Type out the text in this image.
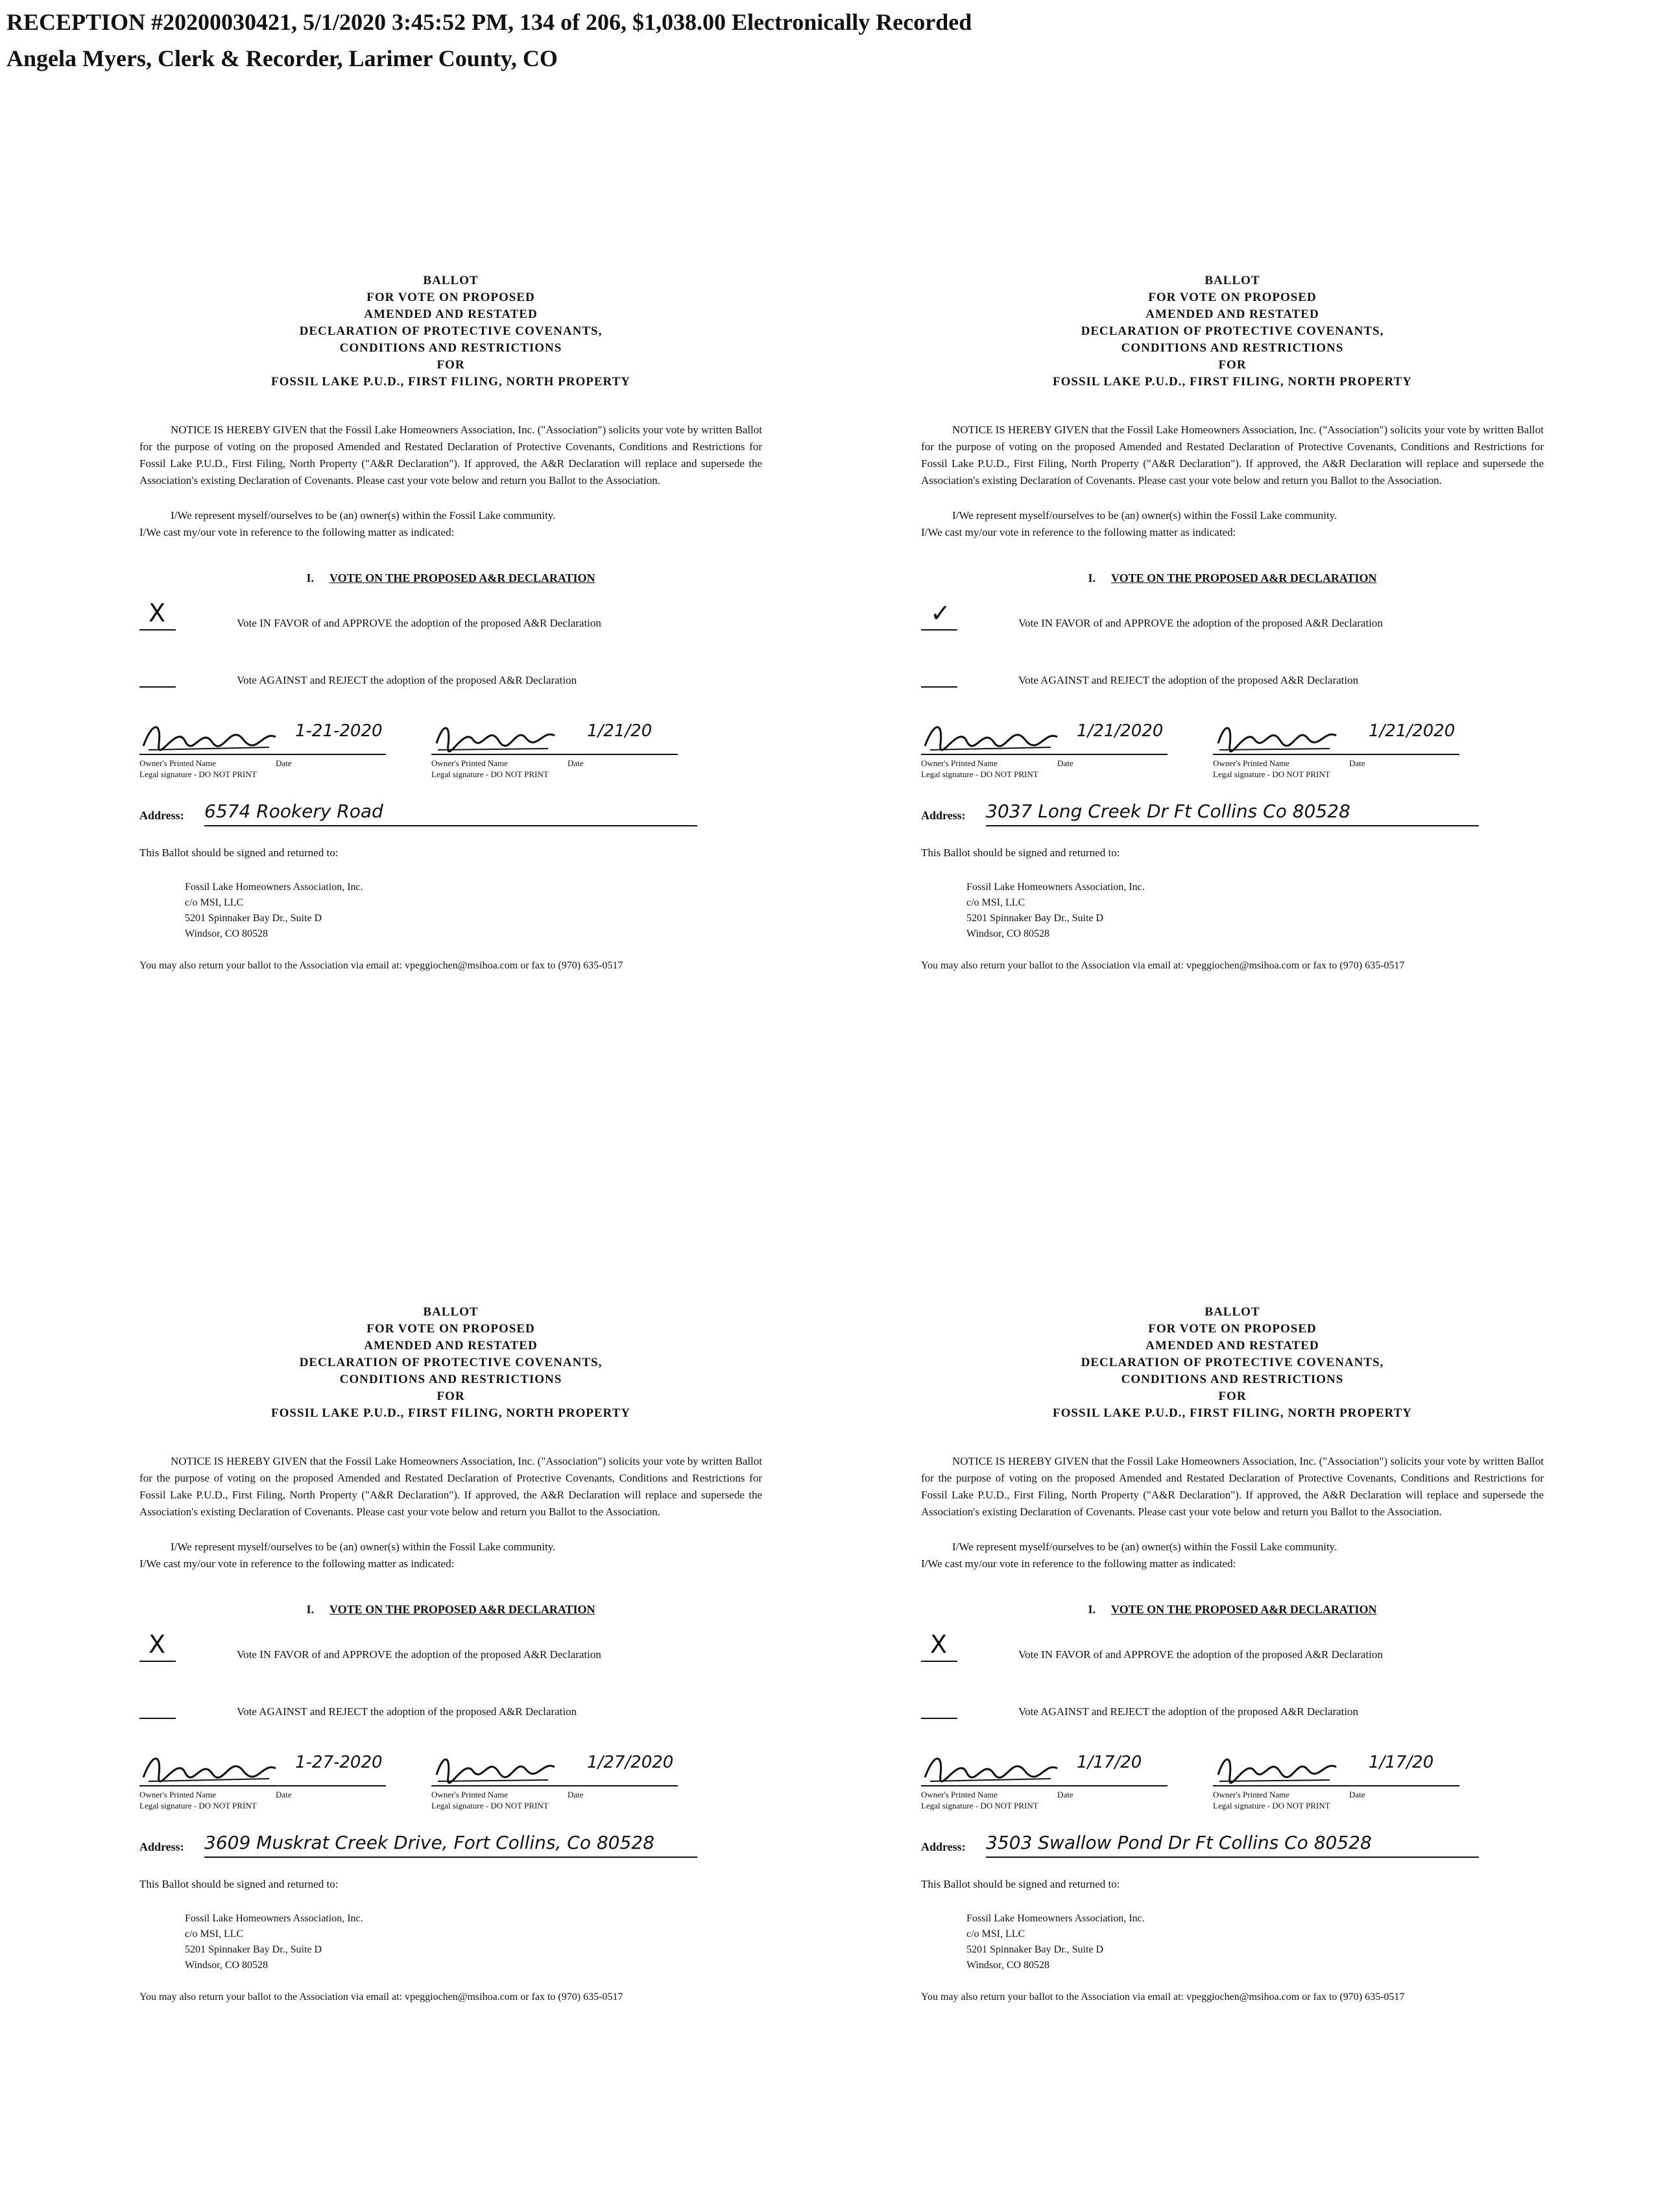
RECEPTION #20200030421, 5/1/2020 3:45:52 PM, 134 of 206, $1,038.00 Electronically Recorded
Angela Myers, Clerk & Recorder, Larimer County, CO
BALLOT
FOR VOTE ON PROPOSED
AMENDED AND RESTATED
DECLARATION OF PROTECTIVE COVENANTS,
CONDITIONS AND RESTRICTIONS
FOR
FOSSIL LAKE P.U.D., FIRST FILING, NORTH PROPERTY

NOTICE IS HEREBY GIVEN that the Fossil Lake Homeowners Association, Inc. ("Association") solicits your vote by written Ballot for the purpose of voting on the proposed Amended and Restated Declaration of Protective Covenants, Conditions and Restrictions for Fossil Lake P.U.D., First Filing, North Property ("A&R Declaration"). If approved, the A&R Declaration will replace and supersede the Association's existing Declaration of Covenants. Please cast your vote below and return you Ballot to the Association.

I/We represent myself/ourselves to be (an) owner(s) within the Fossil Lake community.

I/We cast my/our vote in reference to the following matter as indicated:

I. VOTE ON THE PROPOSED A&R DECLARATION
X	Vote IN FAVOR of and APPROVE the adoption of the proposed A&R Declaration
Vote AGAINST and REJECT the adoption of the proposed A&R Declaration
1-21-2020
Owner's Printed Name	Date
Legal signature - DO NOT PRINT
1/21/20
Owner's Printed Name	Date
Legal signature - DO NOT PRINT
Address: 6574 Rookery Road
This Ballot should be signed and returned to:
Fossil Lake Homeowners Association, Inc.
c/o MSI, LLC
5201 Spinnaker Bay Dr., Suite D
Windsor, CO 80528
You may also return your ballot to the Association via email at: vpeggiochen@msihoa.com or fax to (970) 635-0517
BALLOT
FOR VOTE ON PROPOSED
AMENDED AND RESTATED
DECLARATION OF PROTECTIVE COVENANTS,
CONDITIONS AND RESTRICTIONS
FOR
FOSSIL LAKE P.U.D., FIRST FILING, NORTH PROPERTY

NOTICE IS HEREBY GIVEN that the Fossil Lake Homeowners Association, Inc. ("Association") solicits your vote by written Ballot for the purpose of voting on the proposed Amended and Restated Declaration of Protective Covenants, Conditions and Restrictions for Fossil Lake P.U.D., First Filing, North Property ("A&R Declaration"). If approved, the A&R Declaration will replace and supersede the Association's existing Declaration of Covenants. Please cast your vote below and return you Ballot to the Association.

I/We represent myself/ourselves to be (an) owner(s) within the Fossil Lake community.

I/We cast my/our vote in reference to the following matter as indicated:

I. VOTE ON THE PROPOSED A&R DECLARATION
✓	Vote IN FAVOR of and APPROVE the adoption of the proposed A&R Declaration
Vote AGAINST and REJECT the adoption of the proposed A&R Declaration
1/21/2020
Owner's Printed Name	Date
Legal signature - DO NOT PRINT
1/21/2020
Owner's Printed Name	Date
Legal signature - DO NOT PRINT
Address: 3037 Long Creek Dr Ft Collins Co 80528
This Ballot should be signed and returned to:
Fossil Lake Homeowners Association, Inc.
c/o MSI, LLC
5201 Spinnaker Bay Dr., Suite D
Windsor, CO 80528
You may also return your ballot to the Association via email at: vpeggiochen@msihoa.com or fax to (970) 635-0517
BALLOT
FOR VOTE ON PROPOSED
AMENDED AND RESTATED
DECLARATION OF PROTECTIVE COVENANTS,
CONDITIONS AND RESTRICTIONS
FOR
FOSSIL LAKE P.U.D., FIRST FILING, NORTH PROPERTY

NOTICE IS HEREBY GIVEN that the Fossil Lake Homeowners Association, Inc. ("Association") solicits your vote by written Ballot for the purpose of voting on the proposed Amended and Restated Declaration of Protective Covenants, Conditions and Restrictions for Fossil Lake P.U.D., First Filing, North Property ("A&R Declaration"). If approved, the A&R Declaration will replace and supersede the Association's existing Declaration of Covenants. Please cast your vote below and return you Ballot to the Association.

I/We represent myself/ourselves to be (an) owner(s) within the Fossil Lake community.

I/We cast my/our vote in reference to the following matter as indicated:

I. VOTE ON THE PROPOSED A&R DECLARATION
X	Vote IN FAVOR of and APPROVE the adoption of the proposed A&R Declaration
Vote AGAINST and REJECT the adoption of the proposed A&R Declaration
1-27-2020
Owner's Printed Name	Date
Legal signature - DO NOT PRINT
1/27/2020
Owner's Printed Name	Date
Legal signature - DO NOT PRINT
Address: 3609 Muskrat Creek Drive, Fort Collins, Co 80528
This Ballot should be signed and returned to:
Fossil Lake Homeowners Association, Inc.
c/o MSI, LLC
5201 Spinnaker Bay Dr., Suite D
Windsor, CO 80528
You may also return your ballot to the Association via email at: vpeggiochen@msihoa.com or fax to (970) 635-0517
BALLOT
FOR VOTE ON PROPOSED
AMENDED AND RESTATED
DECLARATION OF PROTECTIVE COVENANTS,
CONDITIONS AND RESTRICTIONS
FOR
FOSSIL LAKE P.U.D., FIRST FILING, NORTH PROPERTY

NOTICE IS HEREBY GIVEN that the Fossil Lake Homeowners Association, Inc. ("Association") solicits your vote by written Ballot for the purpose of voting on the proposed Amended and Restated Declaration of Protective Covenants, Conditions and Restrictions for Fossil Lake P.U.D., First Filing, North Property ("A&R Declaration"). If approved, the A&R Declaration will replace and supersede the Association's existing Declaration of Covenants. Please cast your vote below and return you Ballot to the Association.

I/We represent myself/ourselves to be (an) owner(s) within the Fossil Lake community.

I/We cast my/our vote in reference to the following matter as indicated:

I. VOTE ON THE PROPOSED A&R DECLARATION
X	Vote IN FAVOR of and APPROVE the adoption of the proposed A&R Declaration
Vote AGAINST and REJECT the adoption of the proposed A&R Declaration
1/17/20
Owner's Printed Name	Date
Legal signature - DO NOT PRINT
1/17/20
Owner's Printed Name	Date
Legal signature - DO NOT PRINT
Address: 3503 Swallow Pond Dr Ft Collins Co 80528
This Ballot should be signed and returned to:
Fossil Lake Homeowners Association, Inc.
c/o MSI, LLC
5201 Spinnaker Bay Dr., Suite D
Windsor, CO 80528
You may also return your ballot to the Association via email at: vpeggiochen@msihoa.com or fax to (970) 635-0517
